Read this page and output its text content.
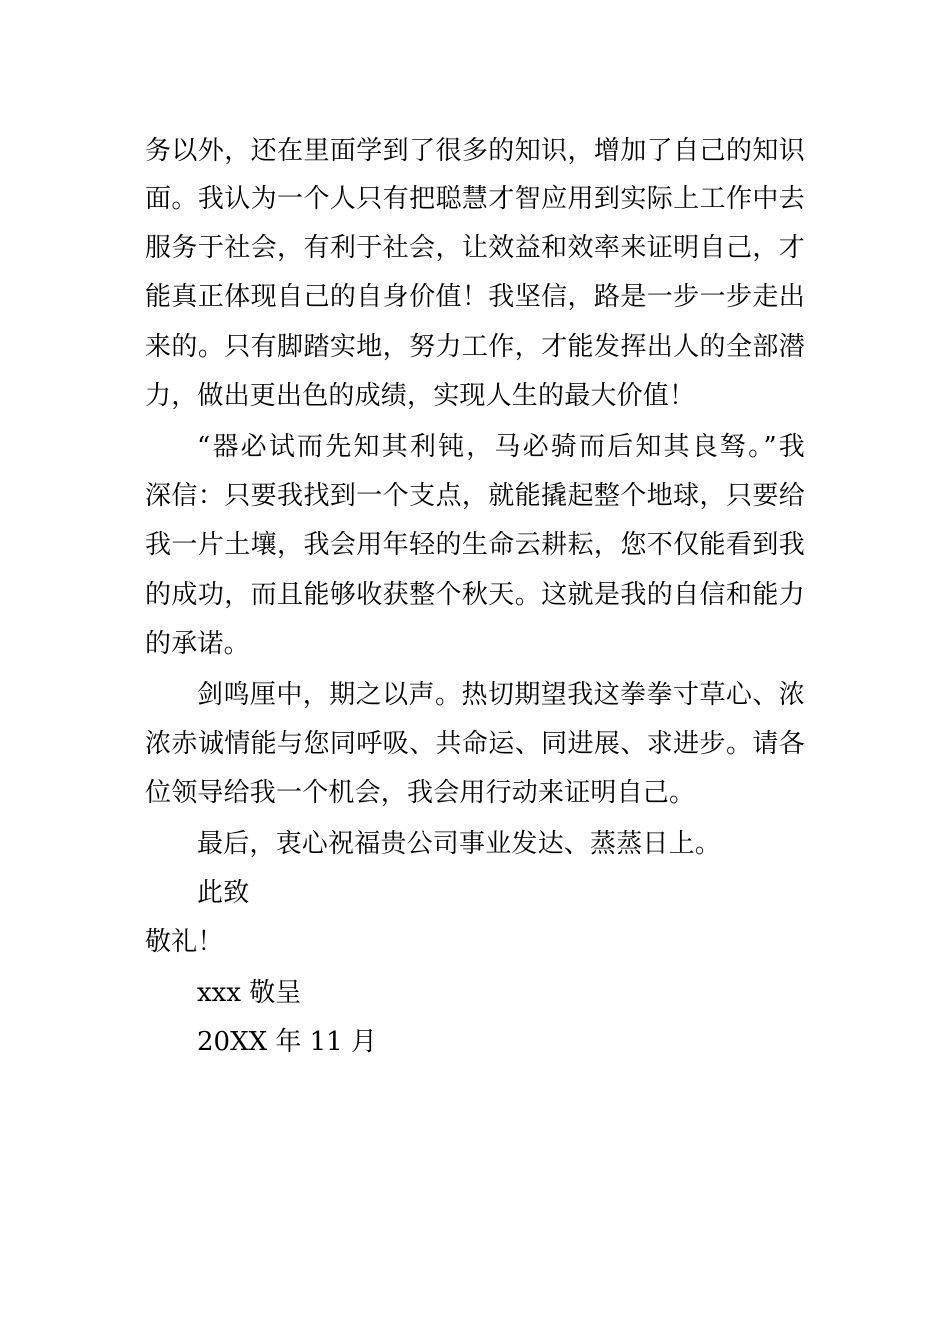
务以外，还在里面学到了很多的知识，增加了自己的知识
面。我认为一个人只有把聪慧才智应用到实际上工作中去
服务于社会，有利于社会，让效益和效率来证明自己，才
能真正体现自己的自身价值！我坚信，路是一步一步走出
来的。只有脚踏实地，努力工作，才能发挥出人的全部潜
力，做出更出色的成绩，实现人生的最大价值！
“器必试而先知其利钝，马必骑而后知其良驽。”我
深信：只要我找到一个支点，就能撬起整个地球，只要给
我一片土壤，我会用年轻的生命云耕耘，您不仅能看到我
的成功，而且能够收获整个秋天。这就是我的自信和能力
的承诺。
剑鸣厘中，期之以声。热切期望我这拳拳寸草心、浓
浓赤诚情能与您同呼吸、共命运、同进展、求进步。请各
位领导给我一个机会，我会用行动来证明自己。
最后，衷心祝福贵公司事业发达、蒸蒸日上。
此致
敬礼！
xxx 敬呈
20XX 年 11 月
